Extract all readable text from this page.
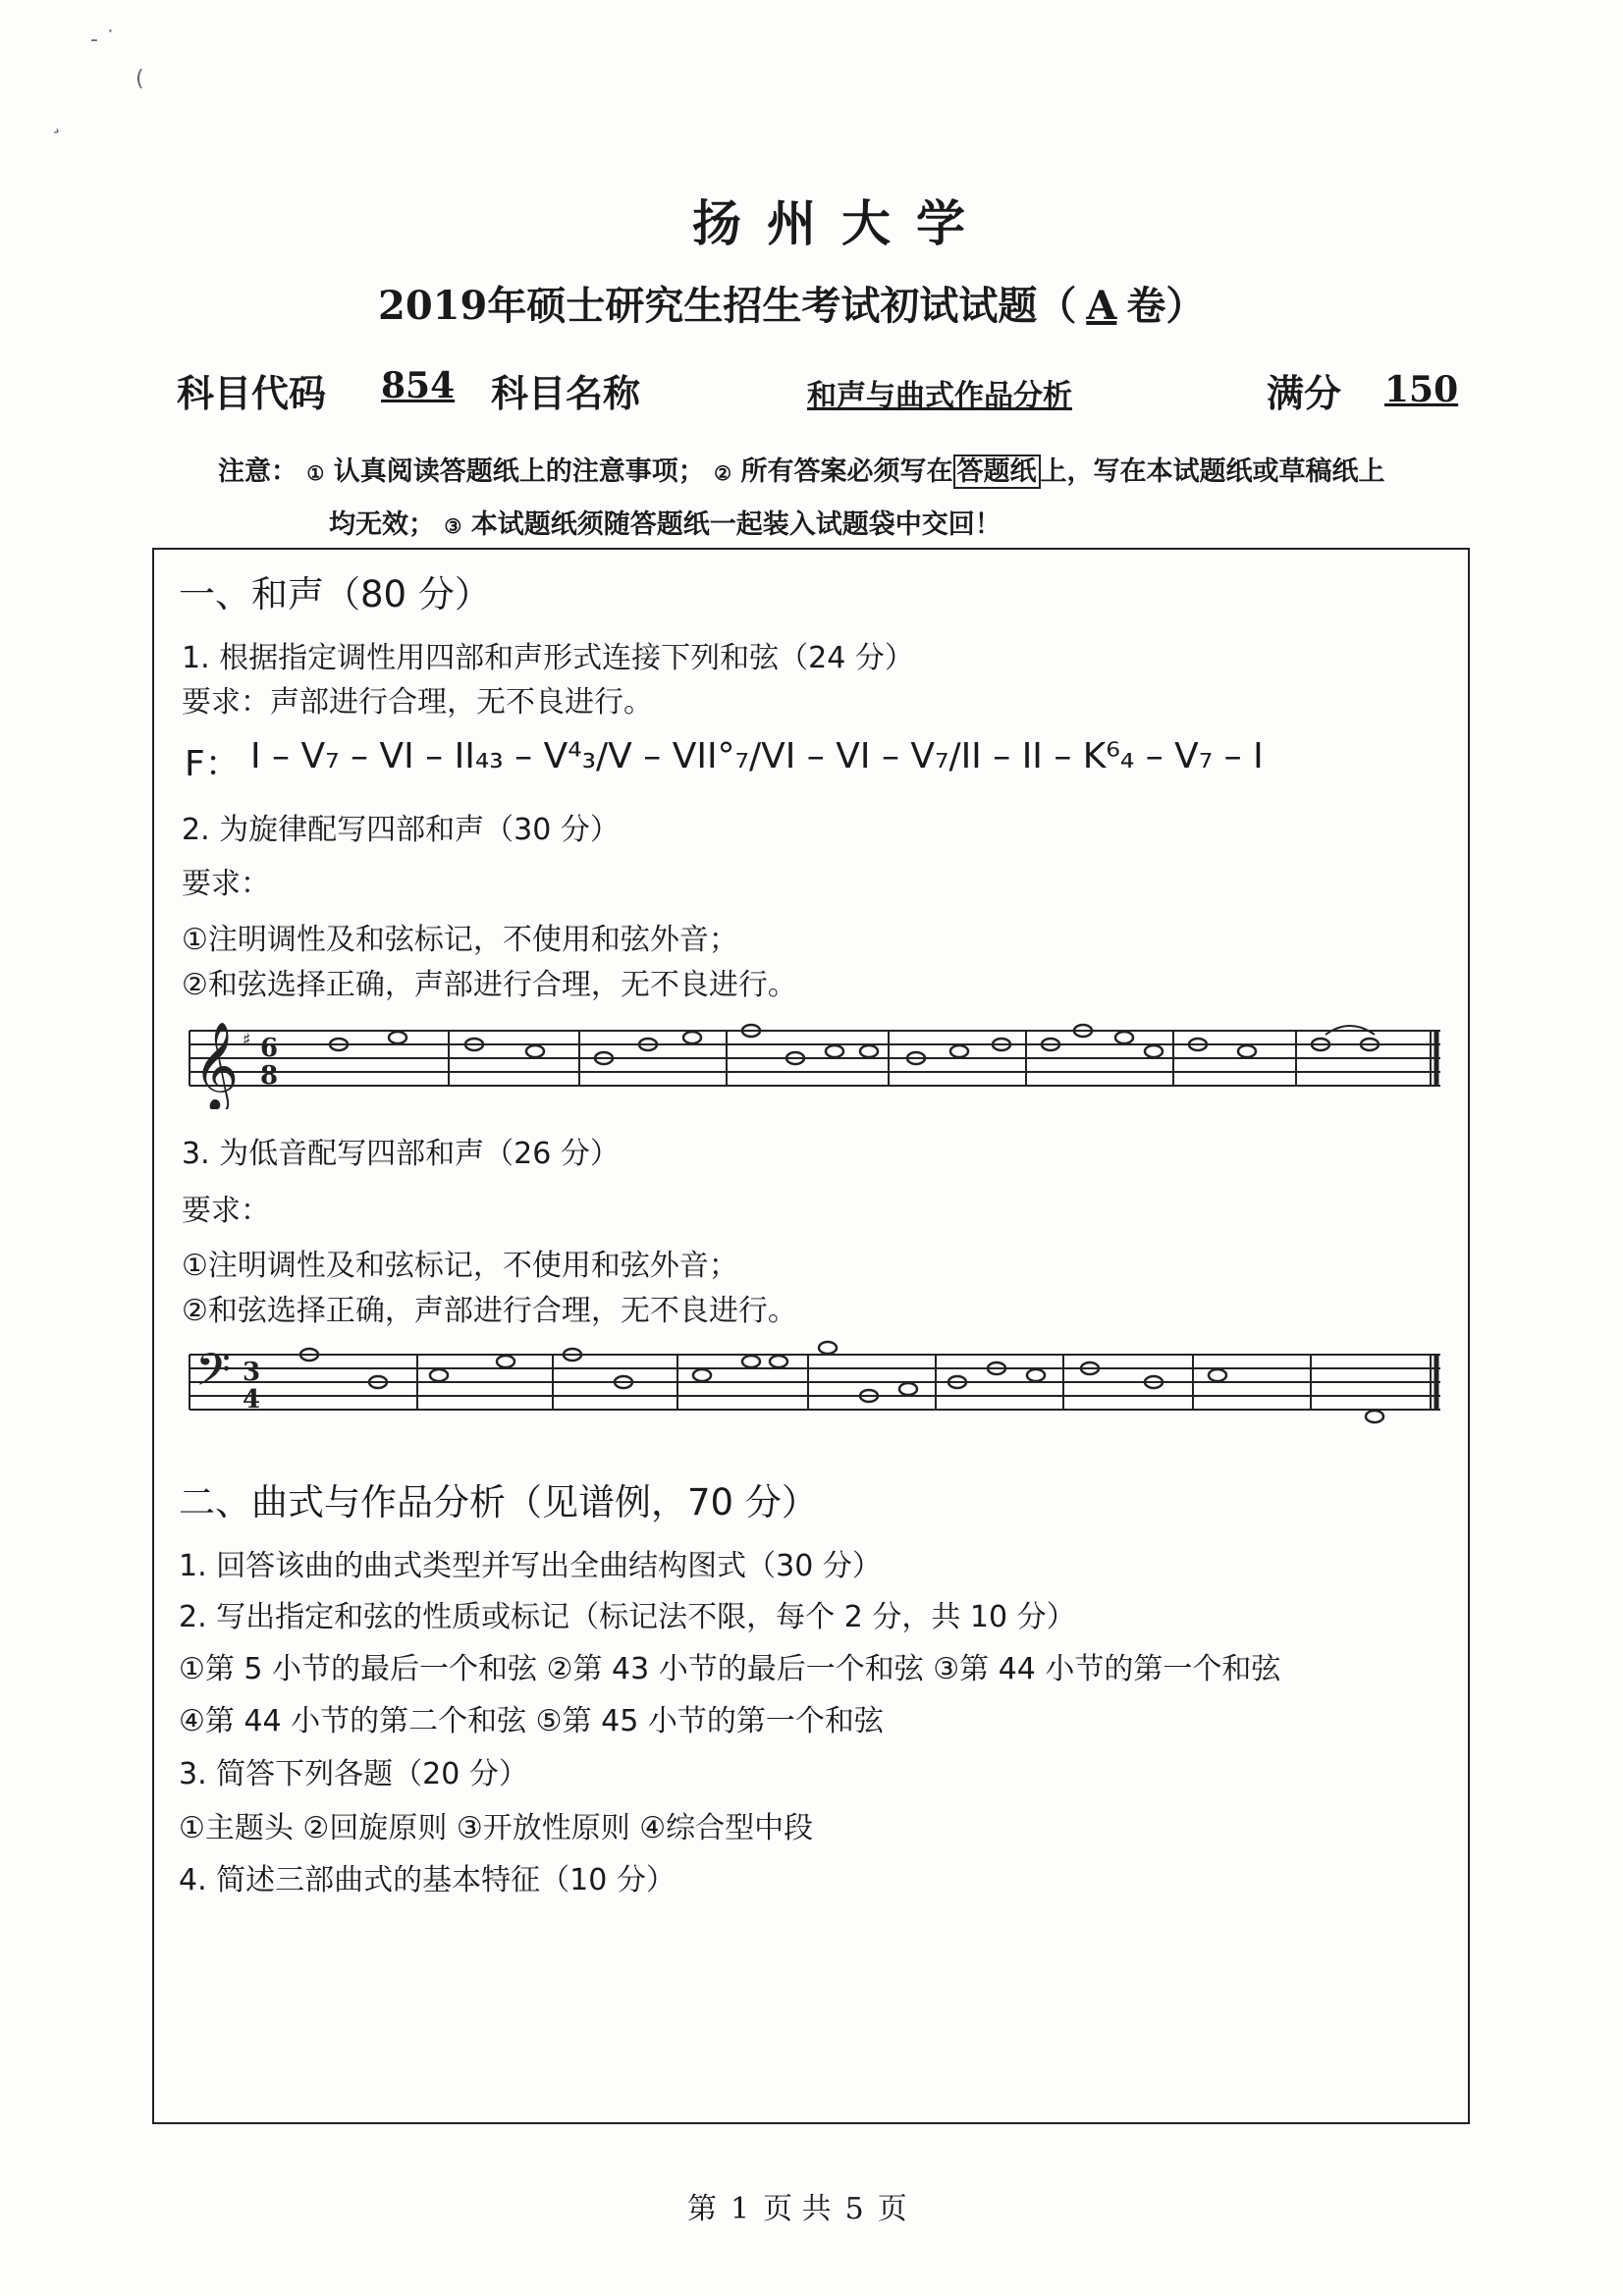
- ˙
(
¸
扬州大学
2019年硕士研究生招生考试初试试题（ A 卷）
科目代码 854 科目名称	和声与曲式作品分析	满分 150
注意： ① 认真阅读答题纸上的注意事项； ② 所有答案必须写在 答题纸 上，写在本试题纸或草稿纸上
均无效； ③ 本试题纸须随答题纸一起装入试题袋中交回！
一、和声（80 分）
1. 根据指定调性用四部和声形式连接下列和弦（24 分）
要求：声部进行合理，无不良进行。
F： I – V₇ – VI – II₄₃ – V⁴₃/V – VII°₇/VI – VI – V₇/II – II – K⁶₄ – V₇ – I
2. 为旋律配写四部和声（30 分）
要求：
①注明调性及和弦标记，不使用和弦外音；
②和弦选择正确，声部进行合理，无不良进行。
𝄞 ♯ 6
8
3. 为低音配写四部和声（26 分）
要求：
①注明调性及和弦标记，不使用和弦外音；
②和弦选择正确，声部进行合理，无不良进行。
𝄢 3
4
二、曲式与作品分析（见谱例，70 分）
1. 回答该曲的曲式类型并写出全曲结构图式（30 分）
2. 写出指定和弦的性质或标记（标记法不限，每个 2 分，共 10 分）
①第 5 小节的最后一个和弦 ②第 43 小节的最后一个和弦 ③第 44 小节的第一个和弦
④第 44 小节的第二个和弦 ⑤第 45 小节的第一个和弦
3. 简答下列各题（20 分）
①主题头 ②回旋原则 ③开放性原则 ④综合型中段
4. 简述三部曲式的基本特征（10 分）
第 1 页 共 5 页
